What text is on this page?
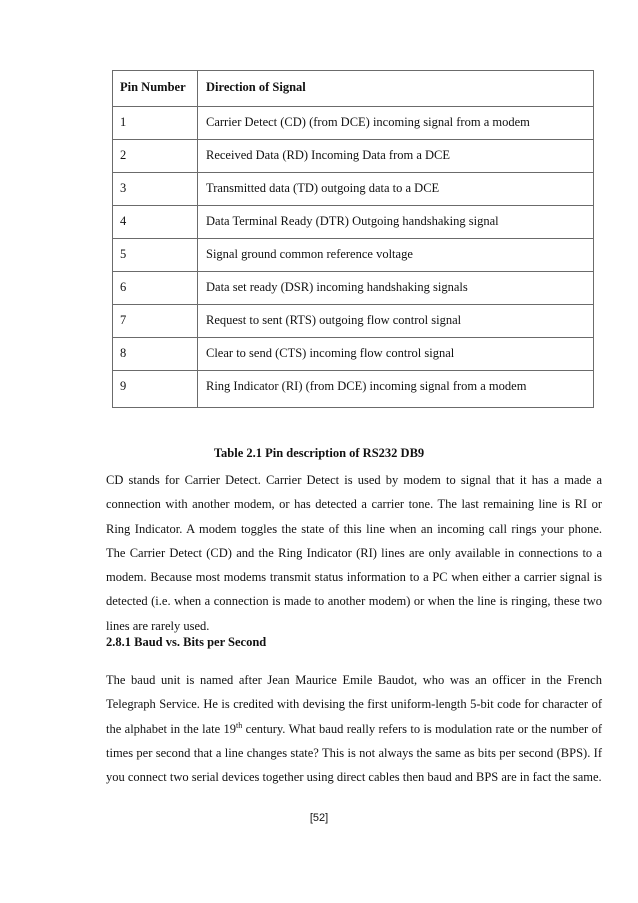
Pin Number	Direction of Signal
1	Carrier Detect (CD) (from DCE) incoming signal from a modem
2	Received Data (RD) Incoming Data from a DCE
3	Transmitted data (TD) outgoing data to a DCE
4	Data Terminal Ready (DTR) Outgoing handshaking signal
5	Signal ground common reference voltage
6	Data set ready (DSR) incoming handshaking signals
7	Request to sent (RTS) outgoing flow control signal
8	Clear to send (CTS) incoming flow control signal
9	Ring Indicator (RI) (from DCE) incoming signal from a modem
Table 2.1 Pin description of RS232 DB9

CD stands for Carrier Detect. Carrier Detect is used by modem to signal that it has a made a connection with another modem, or has detected a carrier tone. The last remaining line is RI or Ring Indicator. A modem toggles the state of this line when an incoming call rings your phone. The Carrier Detect (CD) and the Ring Indicator (RI) lines are only available in connections to a modem. Because most modems transmit status information to a PC when either a carrier signal is detected (i.e. when a connection is made to another modem) or when the line is ringing, these two lines are rarely used.

2.8.1 Baud vs. Bits per Second

The baud unit is named after Jean Maurice Emile Baudot, who was an officer in the French Telegraph Service. He is credited with devising the first uniform-length 5-bit code for character of the alphabet in the late 19th century. What baud really refers to is modulation rate or the number of times per second that a line changes state? This is not always the same as bits per second (BPS). If you connect two serial devices together using direct cables then baud and BPS are in fact the same.

[52]
